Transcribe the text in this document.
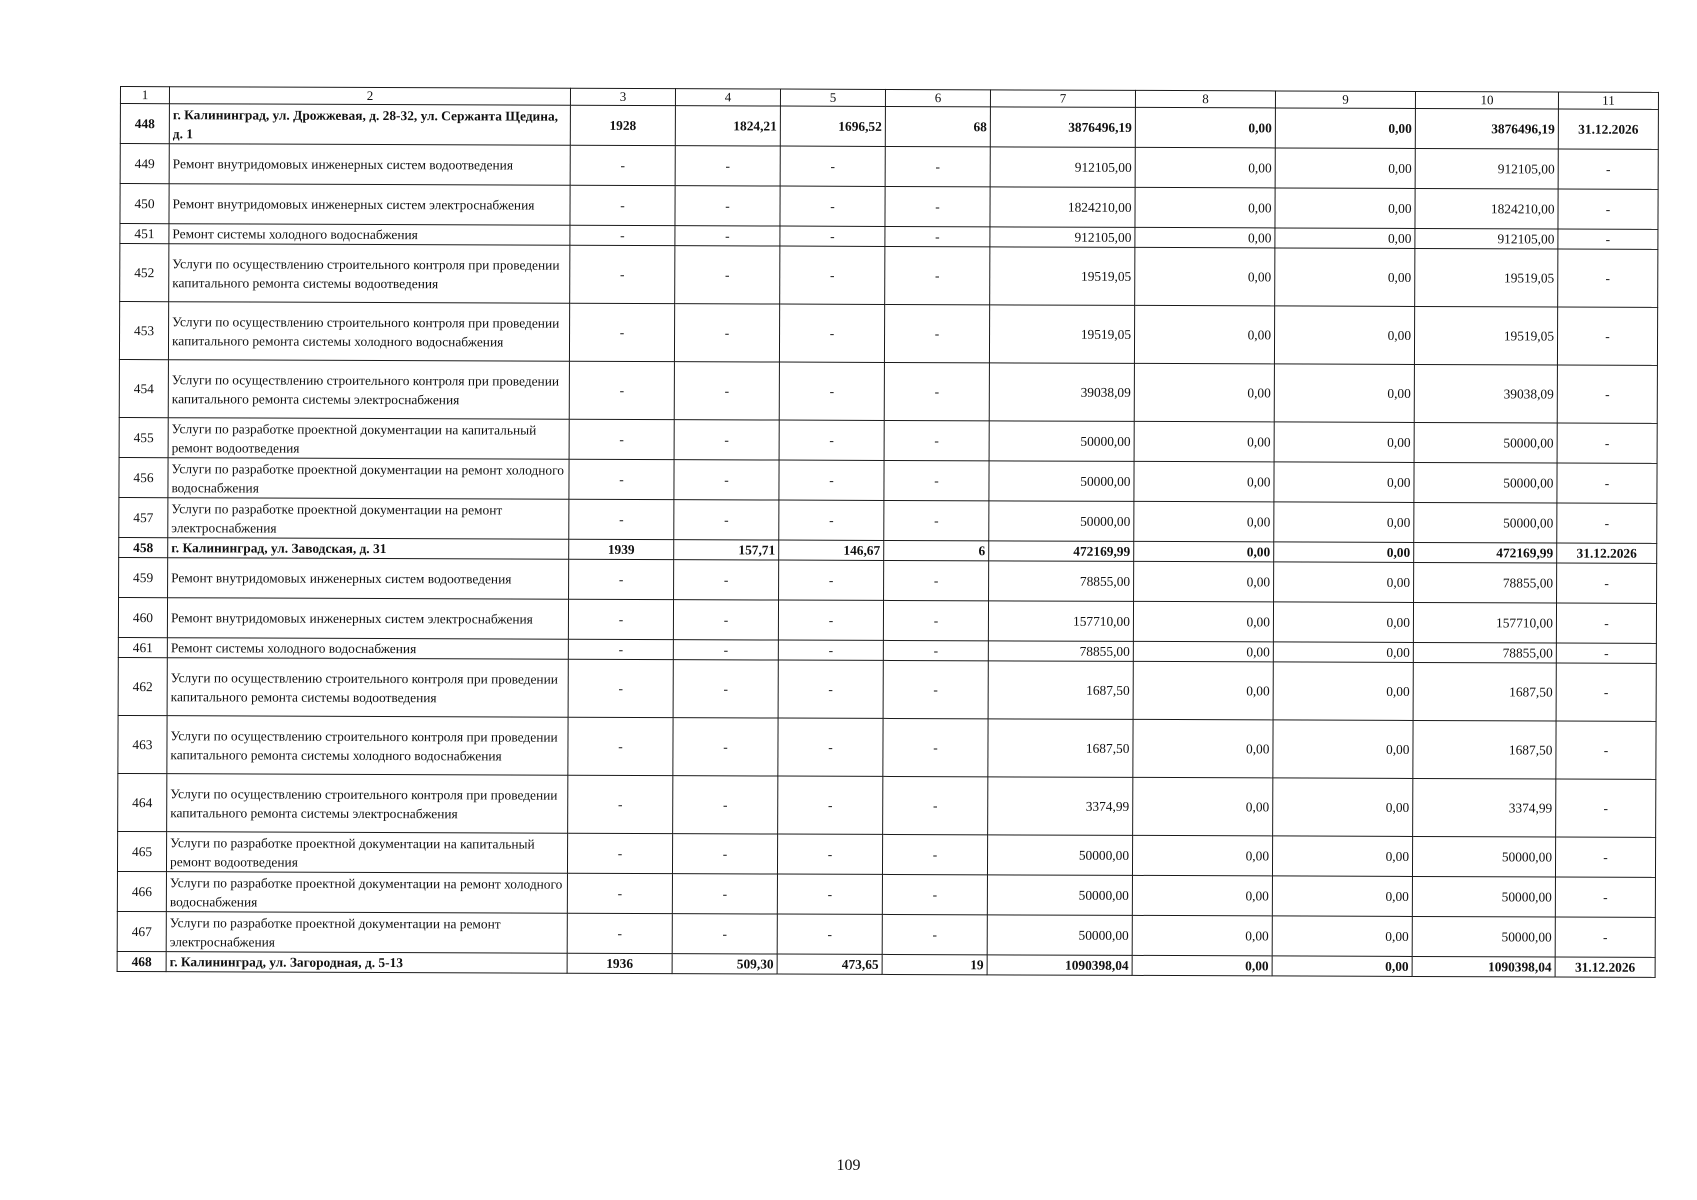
1	2	3	4	5	6	7	8	9	10	11
448	г. Калининград, ул. Дрожжевая, д. 28-32, ул. Сержанта Щедина, д. 1	1928	1824,21	1696,52	68	3876496,19	0,00	0,00	3876496,19	31.12.2026
449	Ремонт внутридомовых инженерных систем водоотведения	-	-	-	-	912105,00	0,00	0,00	912105,00	-
450	Ремонт внутридомовых инженерных систем электроснабжения	-	-	-	-	1824210,00	0,00	0,00	1824210,00	-
451	Ремонт системы холодного водоснабжения	-	-	-	-	912105,00	0,00	0,00	912105,00	-
452	Услуги по осуществлению строительного контроля при проведении капитального ремонта системы водоотведения	-	-	-	-	19519,05	0,00	0,00	19519,05	-
453	Услуги по осуществлению строительного контроля при проведении капитального ремонта системы холодного водоснабжения	-	-	-	-	19519,05	0,00	0,00	19519,05	-
454	Услуги по осуществлению строительного контроля при проведении капитального ремонта системы электроснабжения	-	-	-	-	39038,09	0,00	0,00	39038,09	-
455	Услуги по разработке проектной документации на капитальный ремонт водоотведения	-	-	-	-	50000,00	0,00	0,00	50000,00	-
456	Услуги по разработке проектной документации на ремонт холодного водоснабжения	-	-	-	-	50000,00	0,00	0,00	50000,00	-
457	Услуги по разработке проектной документации на ремонт электроснабжения	-	-	-	-	50000,00	0,00	0,00	50000,00	-
458	г. Калининград, ул. Заводская, д. 31	1939	157,71	146,67	6	472169,99	0,00	0,00	472169,99	31.12.2026
459	Ремонт внутридомовых инженерных систем водоотведения	-	-	-	-	78855,00	0,00	0,00	78855,00	-
460	Ремонт внутридомовых инженерных систем электроснабжения	-	-	-	-	157710,00	0,00	0,00	157710,00	-
461	Ремонт системы холодного водоснабжения	-	-	-	-	78855,00	0,00	0,00	78855,00	-
462	Услуги по осуществлению строительного контроля при проведении капитального ремонта системы водоотведения	-	-	-	-	1687,50	0,00	0,00	1687,50	-
463	Услуги по осуществлению строительного контроля при проведении капитального ремонта системы холодного водоснабжения	-	-	-	-	1687,50	0,00	0,00	1687,50	-
464	Услуги по осуществлению строительного контроля при проведении капитального ремонта системы электроснабжения	-	-	-	-	3374,99	0,00	0,00	3374,99	-
465	Услуги по разработке проектной документации на капитальный ремонт водоотведения	-	-	-	-	50000,00	0,00	0,00	50000,00	-
466	Услуги по разработке проектной документации на ремонт холодного водоснабжения	-	-	-	-	50000,00	0,00	0,00	50000,00	-
467	Услуги по разработке проектной документации на ремонт электроснабжения	-	-	-	-	50000,00	0,00	0,00	50000,00	-
468	г. Калининград, ул. Загородная, д. 5-13	1936	509,30	473,65	19	1090398,04	0,00	0,00	1090398,04	31.12.2026
109
